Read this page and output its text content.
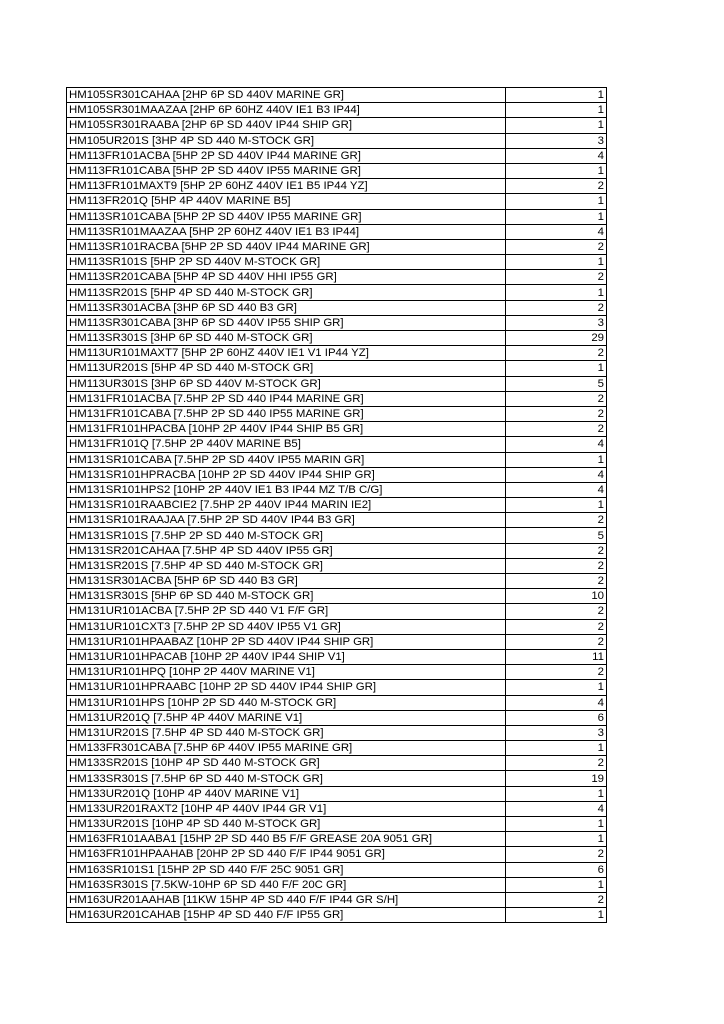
HM105SR301CAHAA [2HP 6P SD 440V MARINE GR]	1
HM105SR301MAAZAA [2HP 6P 60HZ 440V IE1 B3 IP44]	1
HM105SR301RAABA [2HP 6P SD 440V IP44 SHIP GR]	1
HM105UR201S [3HP 4P SD 440 M-STOCK GR]	3
HM113FR101ACBA [5HP 2P SD 440V IP44 MARINE GR]	4
HM113FR101CABA [5HP 2P SD 440V IP55 MARINE GR]	1
HM113FR101MAXT9 [5HP 2P 60HZ 440V IE1 B5 IP44 YZ]	2
HM113FR201Q [5HP 4P 440V MARINE B5]	1
HM113SR101CABA [5HP 2P SD 440V IP55 MARINE GR]	1
HM113SR101MAAZAA [5HP 2P 60HZ 440V IE1 B3 IP44]	4
HM113SR101RACBA [5HP 2P SD 440V IP44 MARINE GR]	2
HM113SR101S [5HP 2P SD 440V M-STOCK GR]	1
HM113SR201CABA [5HP 4P SD 440V HHI IP55 GR]	2
HM113SR201S [5HP 4P SD 440 M-STOCK GR]	1
HM113SR301ACBA [3HP 6P SD 440 B3 GR]	2
HM113SR301CABA [3HP 6P SD 440V IP55 SHIP GR]	3
HM113SR301S [3HP 6P SD 440 M-STOCK GR]	29
HM113UR101MAXT7 [5HP 2P 60HZ 440V IE1 V1 IP44 YZ]	2
HM113UR201S [5HP 4P SD 440 M-STOCK GR]	1
HM113UR301S [3HP 6P SD 440V M-STOCK GR]	5
HM131FR101ACBA [7.5HP 2P SD 440 IP44 MARINE GR]	2
HM131FR101CABA [7.5HP 2P SD 440 IP55 MARINE GR]	2
HM131FR101HPACBA [10HP 2P 440V IP44 SHIP B5 GR]	2
HM131FR101Q [7.5HP 2P 440V MARINE B5]	4
HM131SR101CABA [7.5HP 2P SD 440V IP55 MARIN GR]	1
HM131SR101HPRACBA [10HP 2P SD 440V IP44 SHIP GR]	4
HM131SR101HPS2 [10HP 2P 440V IE1 B3 IP44 MZ T/B C/G]	4
HM131SR101RAABCIE2 [7.5HP 2P 440V IP44 MARIN IE2]	1
HM131SR101RAAJAA [7.5HP 2P SD 440V IP44 B3 GR]	2
HM131SR101S [7.5HP 2P SD 440 M-STOCK GR]	5
HM131SR201CAHAA [7.5HP 4P SD 440V IP55 GR]	2
HM131SR201S [7.5HP 4P SD 440 M-STOCK GR]	2
HM131SR301ACBA [5HP 6P SD 440 B3 GR]	2
HM131SR301S [5HP 6P SD 440 M-STOCK GR]	10
HM131UR101ACBA [7.5HP 2P SD 440 V1 F/F GR]	2
HM131UR101CXT3 [7.5HP 2P SD 440V IP55 V1 GR]	2
HM131UR101HPAABAZ [10HP 2P SD 440V IP44 SHIP GR]	2
HM131UR101HPACAB [10HP 2P 440V IP44 SHIP V1]	11
HM131UR101HPQ [10HP 2P 440V MARINE V1]	2
HM131UR101HPRAABC [10HP 2P SD 440V IP44 SHIP GR]	1
HM131UR101HPS [10HP 2P SD 440 M-STOCK GR]	4
HM131UR201Q [7.5HP 4P 440V MARINE V1]	6
HM131UR201S [7.5HP 4P SD 440 M-STOCK GR]	3
HM133FR301CABA [7.5HP 6P 440V IP55 MARINE GR]	1
HM133SR201S [10HP 4P SD 440 M-STOCK GR]	2
HM133SR301S [7.5HP 6P SD 440 M-STOCK GR]	19
HM133UR201Q [10HP 4P 440V MARINE V1]	1
HM133UR201RAXT2 [10HP 4P 440V IP44 GR V1]	4
HM133UR201S [10HP 4P SD 440 M-STOCK GR]	1
HM163FR101AABA1 [15HP 2P SD 440 B5 F/F GREASE 20A 9051 GR]	1
HM163FR101HPAAHAB [20HP 2P SD 440 F/F IP44 9051 GR]	2
HM163SR101S1 [15HP 2P SD 440 F/F 25C 9051 GR]	6
HM163SR301S [7.5KW-10HP 6P SD 440 F/F 20C GR]	1
HM163UR201AAHAB [11KW 15HP 4P SD 440 F/F IP44 GR S/H]	2
HM163UR201CAHAB [15HP 4P SD 440 F/F IP55 GR]	1
